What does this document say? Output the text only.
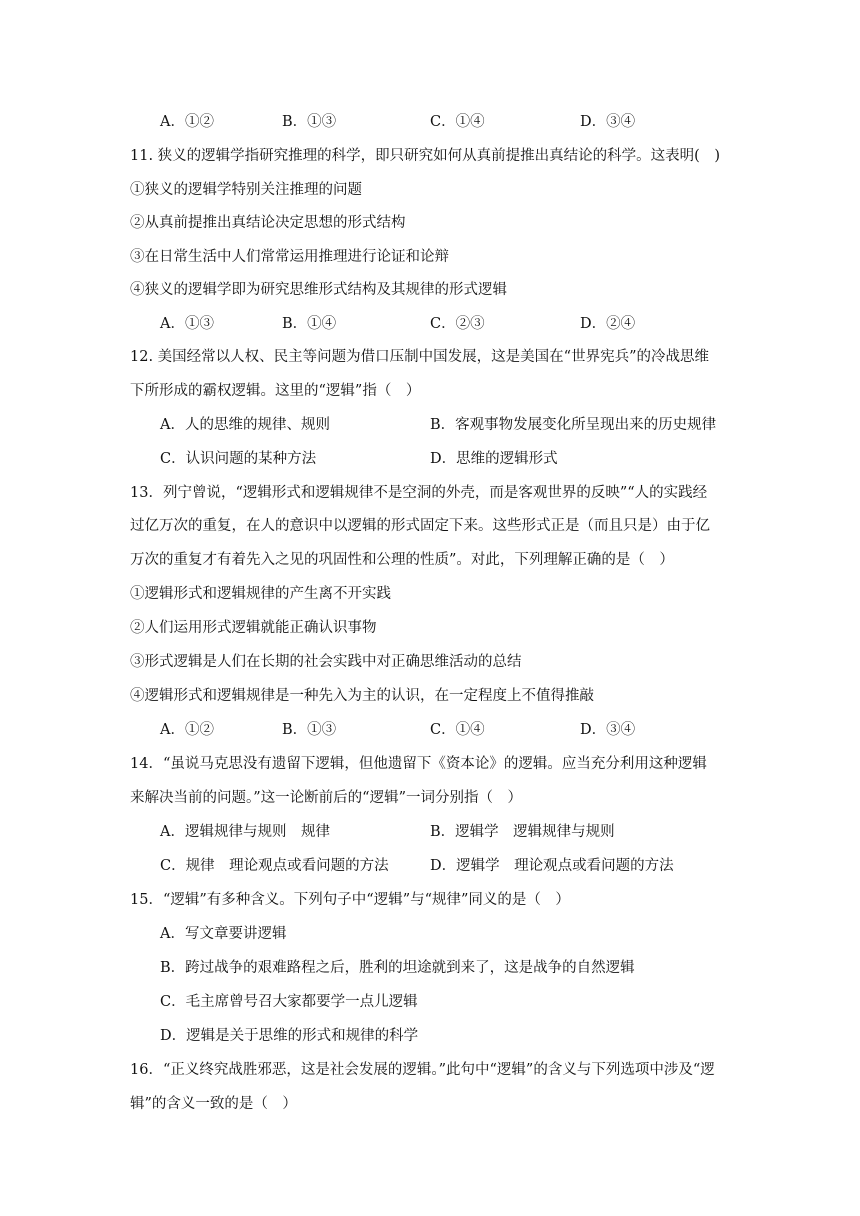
A．①②	B．①③	C．①④	D．③④
11. 狭义的逻辑学指研究推理的科学，即只研究如何从真前提推出真结论的科学。这表明(　)
①狭义的逻辑学特别关注推理的问题
②从真前提推出真结论决定思想的形式结构
③在日常生活中人们常常运用推理进行论证和论辩
④狭义的逻辑学即为研究思维形式结构及其规律的形式逻辑
A．①③	B．①④	C．②③	D．②④
12. 美国经常以人权、民主等问题为借口压制中国发展，这是美国在“世界宪兵”的冷战思维
下所形成的霸权逻辑。这里的“逻辑”指（　）
A．人的思维的规律、规则	B．客观事物发展变化所呈现出来的历史规律
C．认识问题的某种方法	D．思维的逻辑形式
13．列宁曾说，“逻辑形式和逻辑规律不是空洞的外壳，而是客观世界的反映”“人的实践经
过亿万次的重复，在人的意识中以逻辑的形式固定下来。这些形式正是（而且只是）由于亿
万次的重复才有着先入之见的巩固性和公理的性质”。对此，下列理解正确的是（　）
①逻辑形式和逻辑规律的产生离不开实践
②人们运用形式逻辑就能正确认识事物
③形式逻辑是人们在长期的社会实践中对正确思维活动的总结
④逻辑形式和逻辑规律是一种先入为主的认识，在一定程度上不值得推敲
A．①②	B．①③	C．①④	D．③④
14．“虽说马克思没有遗留下逻辑，但他遗留下《资本论》的逻辑。应当充分利用这种逻辑
来解决当前的问题。”这一论断前后的“逻辑”一词分别指（　）
A．逻辑规律与规则　规律	B．逻辑学　逻辑规律与规则
C．规律　理论观点或看问题的方法	D．逻辑学　理论观点或看问题的方法
15．“逻辑”有多种含义。下列句子中“逻辑”与“规律”同义的是（　）
A．写文章要讲逻辑
B．跨过战争的艰难路程之后，胜利的坦途就到来了，这是战争的自然逻辑
C．毛主席曾号召大家都要学一点儿逻辑
D．逻辑是关于思维的形式和规律的科学
16．“正义终究战胜邪恶，这是社会发展的逻辑。”此句中“逻辑”的含义与下列选项中涉及“逻
辑”的含义一致的是（　）
